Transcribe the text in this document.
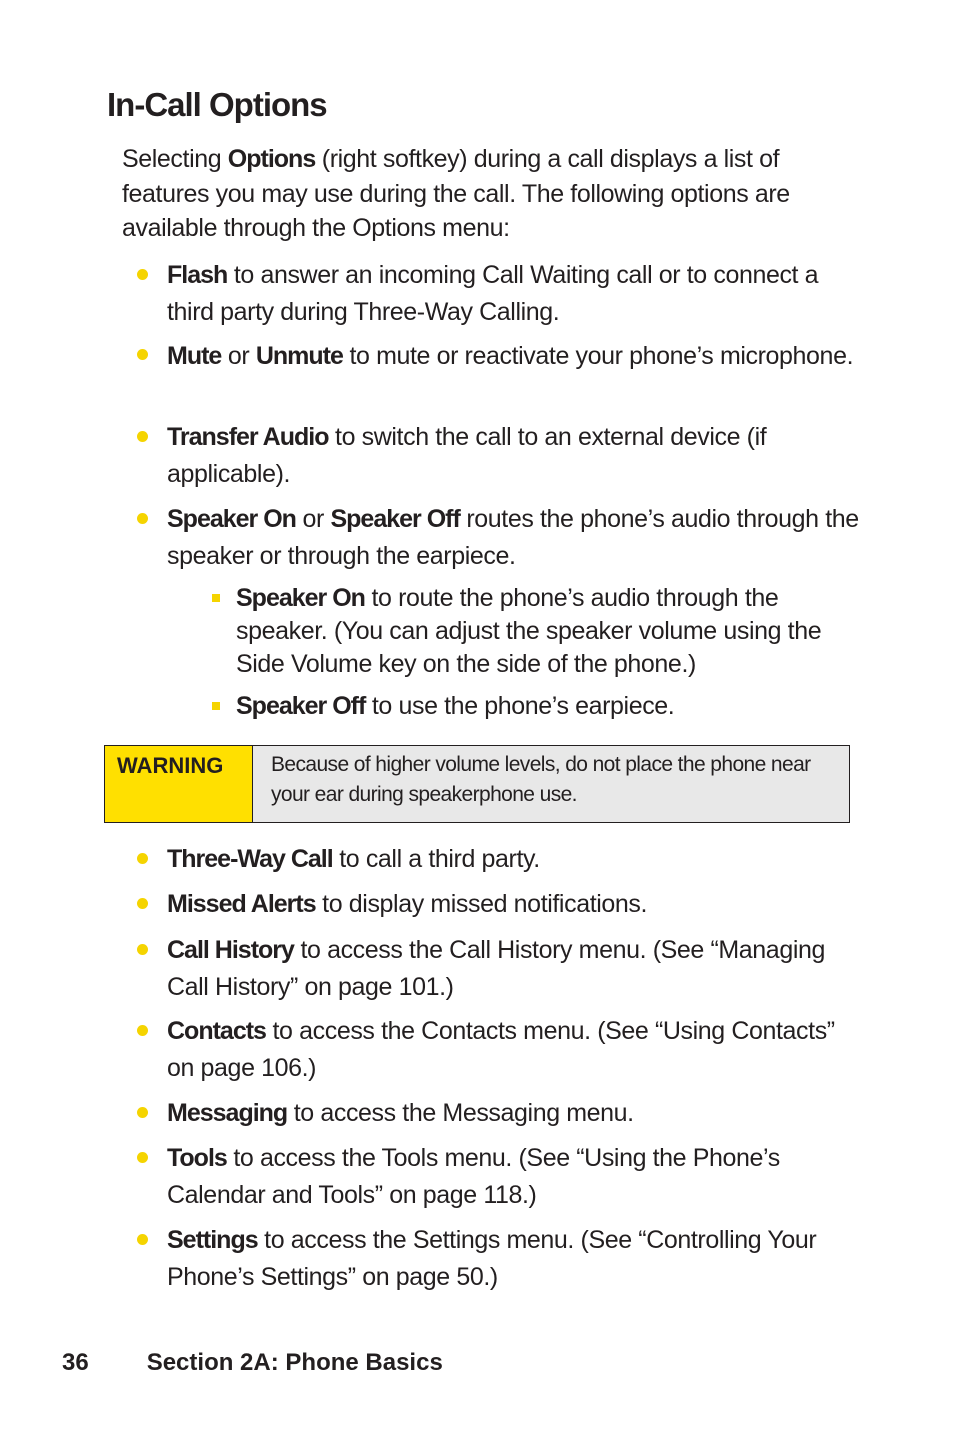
In-Call Options

Selecting Options (right softkey) during a call displays a list of features you may use during the call. The following options are available through the Options menu:

Flash to answer an incoming Call Waiting call or to connect a third party during Three-Way Calling.
Mute or Unmute to mute or reactivate your phone’s microphone.
Transfer Audio to switch the call to an external device (if applicable).
Speaker On or Speaker Off routes the phone’s audio through the speaker or through the earpiece.
Speaker On to route the phone’s audio through the speaker. (You can adjust the speaker volume using the Side Volume key on the side of the phone.)
Speaker Off to use the phone’s earpiece.
WARNING	Because of higher volume levels, do not place the phone near your ear during speakerphone use.
Three-Way Call to call a third party.
Missed Alerts to display missed notifications.
Call History to access the Call History menu. (See “Managing Call History” on page 101.)
Contacts to access the Contacts menu. (See “Using Contacts” on page 106.)
Messaging to access the Messaging menu.
Tools to access the Tools menu. (See “Using the Phone’s Calendar and Tools” on page 118.)
Settings to access the Settings menu. (See “Controlling Your Phone’s Settings” on page 50.)
36 Section 2A: Phone Basics
